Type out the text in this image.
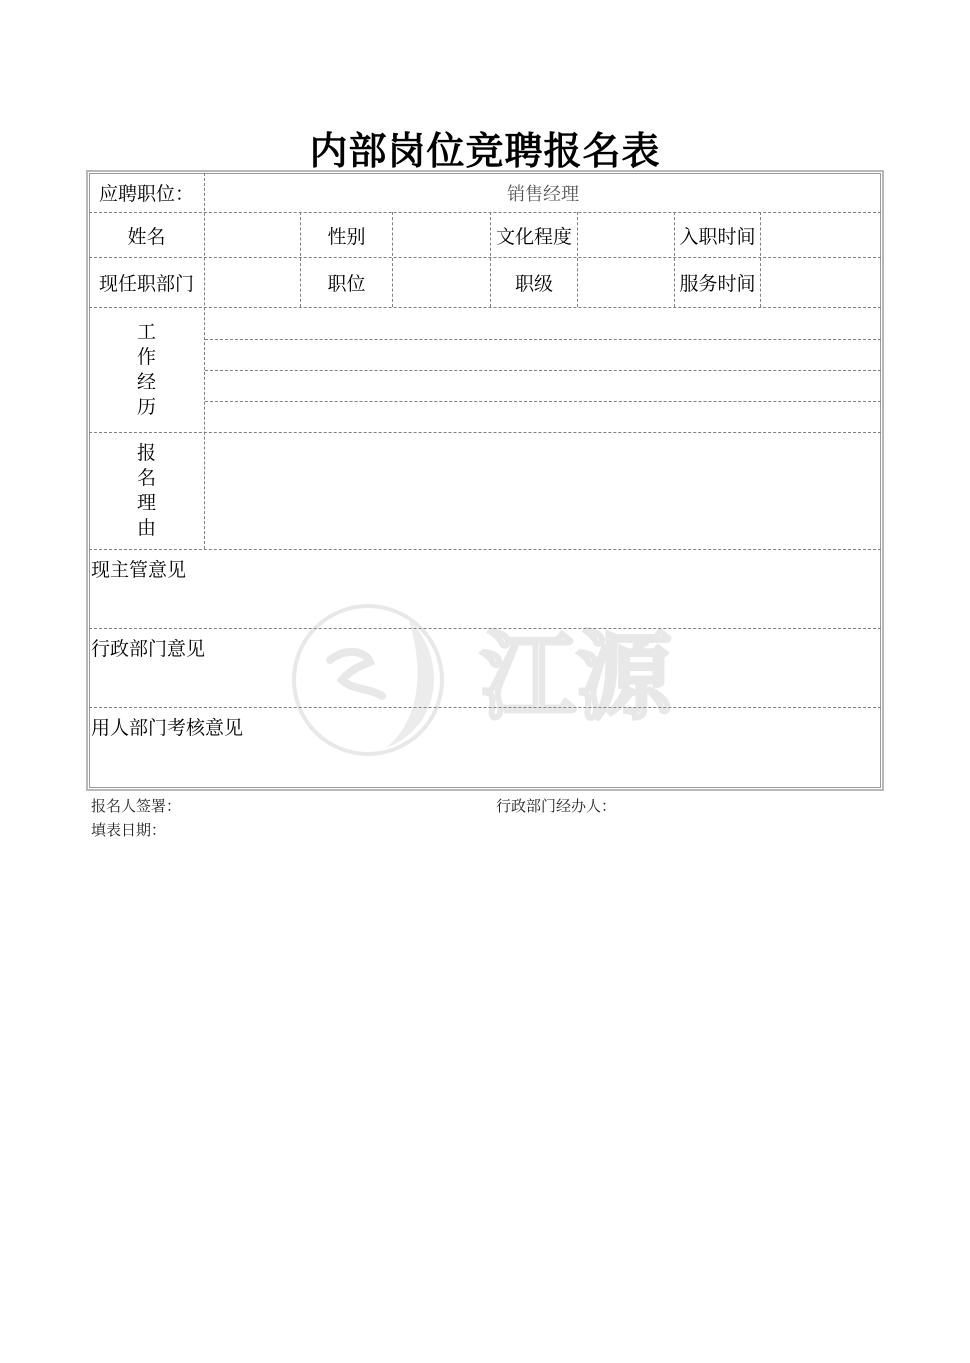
内部岗位竞聘报名表
应聘职位：	销售经理
姓名	性别	文化程度	入职时间
现任职部门	职位	职级	服务时间
工
作
经
历
报
名
理
由
现主管意见
行政部门意见
用人部门考核意见 江源
报名人签署：	行政部门经办人：
填表日期：
